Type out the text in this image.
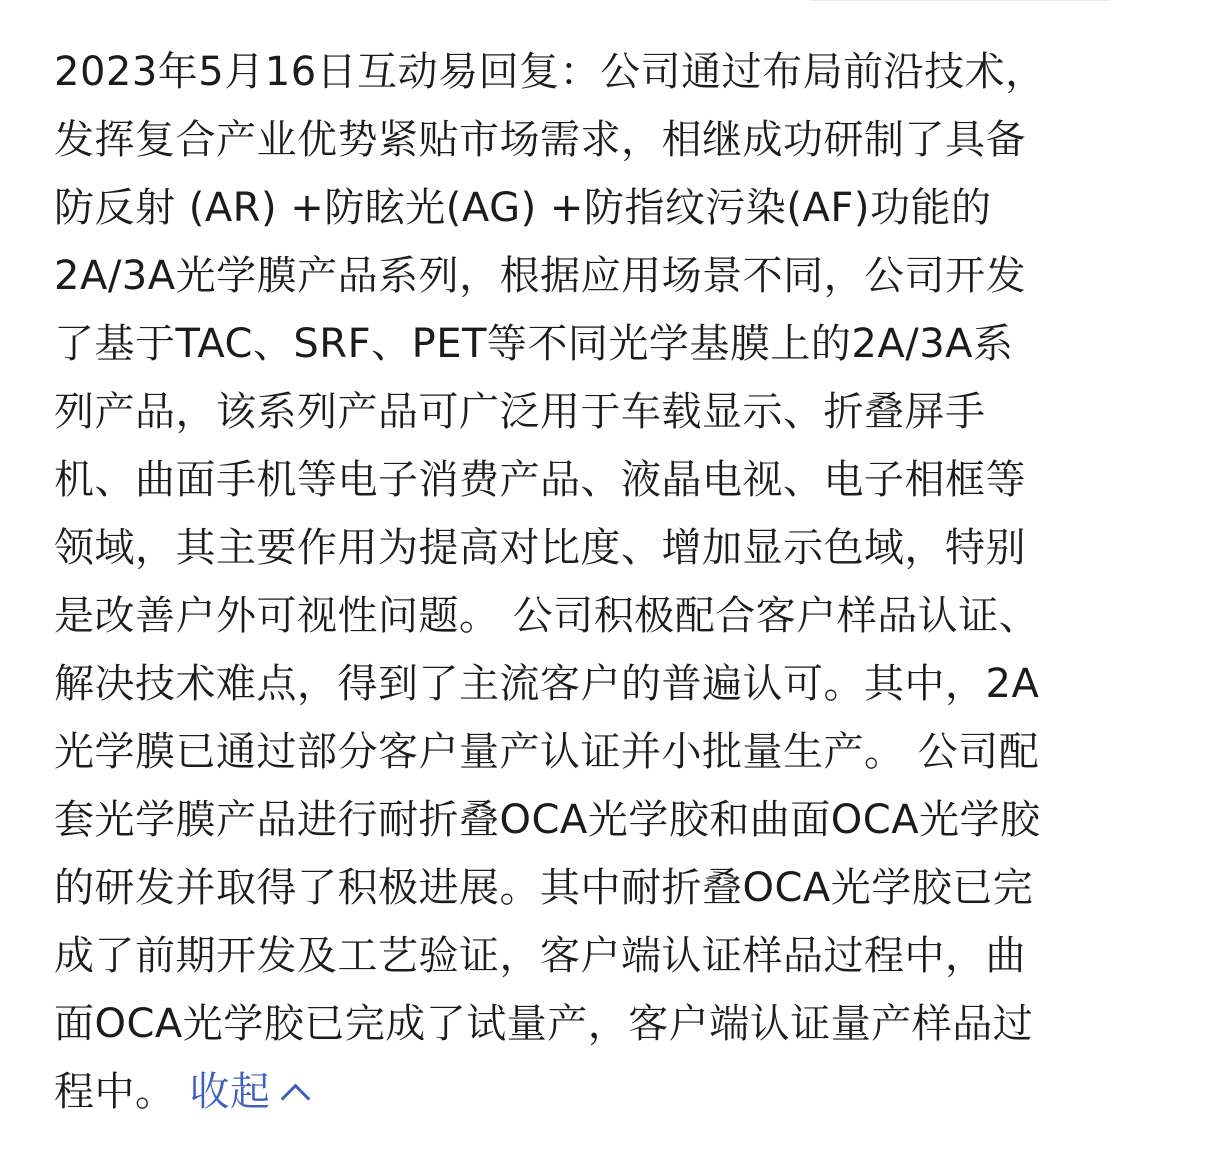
2023年5月16日互动易回复：公司通过布局前沿技术，
发挥复合产业优势紧贴市场需求，相继成功研制了具备
防反射 (AR) +防眩光(AG) +防指纹污染(AF)功能的
2A/3A光学膜产品系列，根据应用场景不同，公司开发
了基于TAC、SRF、PET等不同光学基膜上的2A/3A系
列产品，该系列产品可广泛用于车载显示、折叠屏手
机、曲面手机等电子消费产品、液晶电视、电子相框等
领域，其主要作用为提高对比度、增加显示色域，特别
是改善户外可视性问题。 公司积极配合客户样品认证、
解决技术难点，得到了主流客户的普遍认可。其中，2A
光学膜已通过部分客户量产认证并小批量生产。 公司配
套光学膜产品进行耐折叠OCA光学胶和曲面OCA光学胶
的研发并取得了积极进展。其中耐折叠OCA光学胶已完
成了前期开发及工艺验证，客户端认证样品过程中，曲
面OCA光学胶已完成了试量产，客户端认证量产样品过
程中。 收起
